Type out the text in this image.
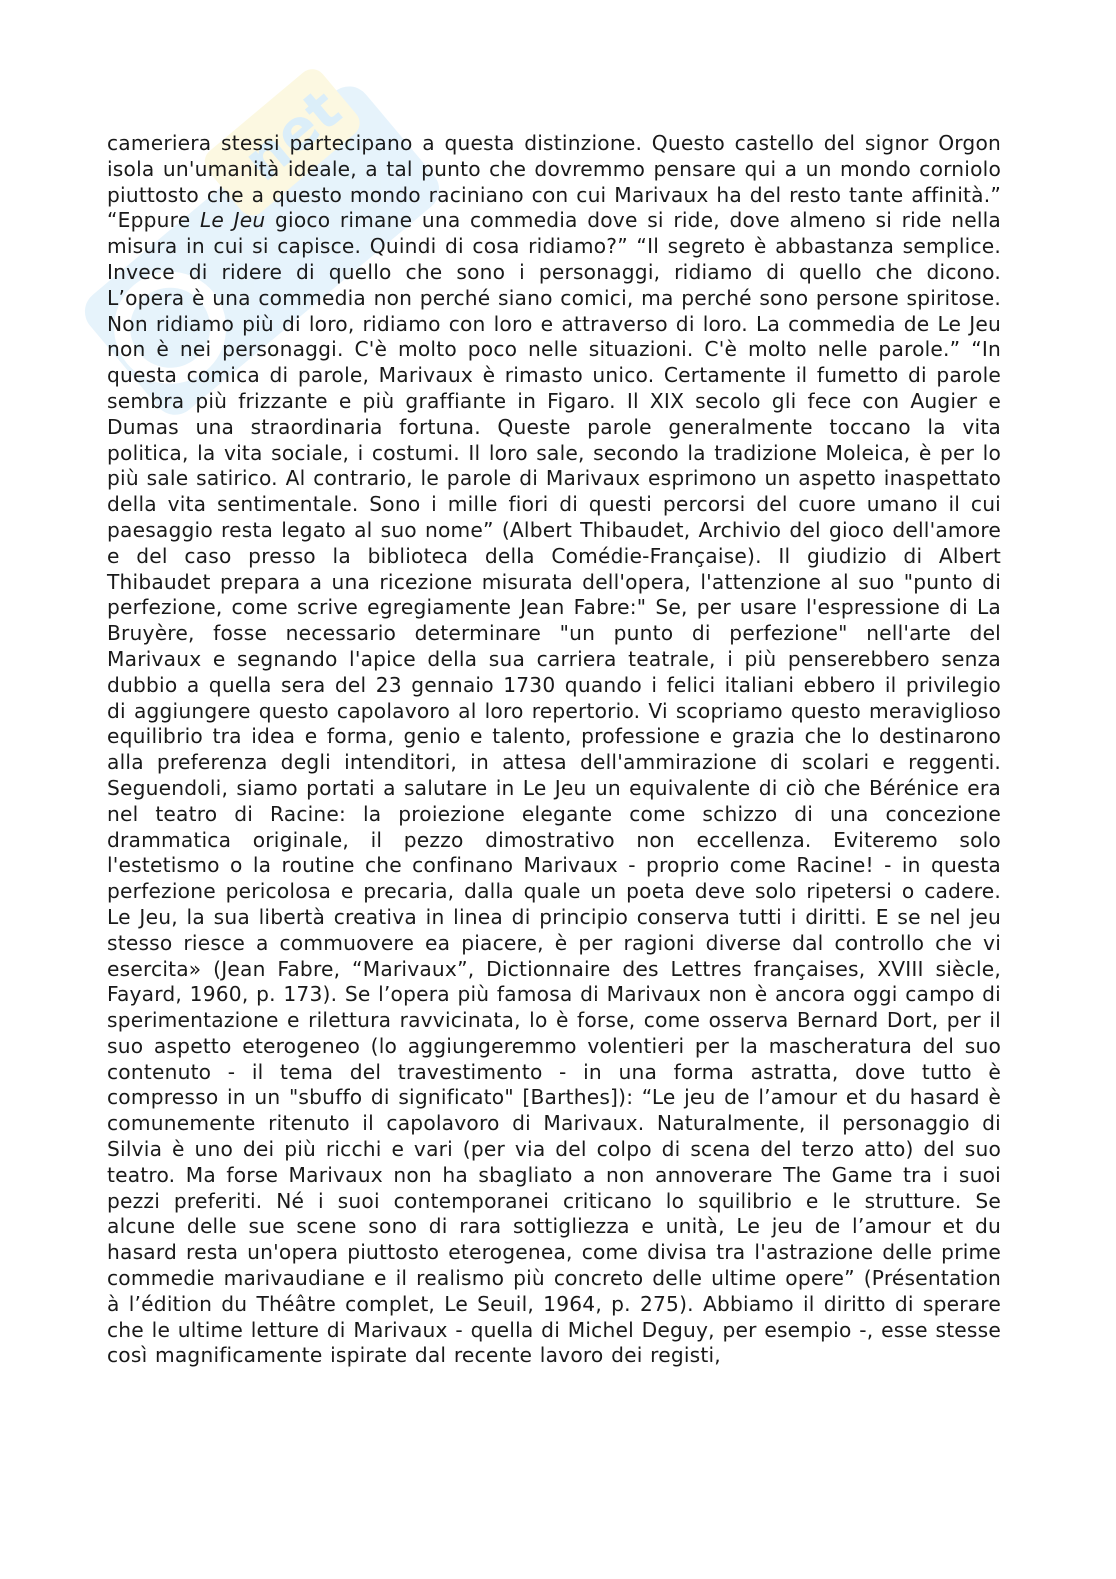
net

cameriera stessi partecipano a questa distinzione. Questo castello del signor Orgon isola un'umanità ideale, a tal punto che dovremmo pensare qui a un mondo corniolo piuttosto che a questo mondo raciniano con cui Marivaux ha del resto tante affinità.” “Eppure Le Jeu gioco rimane una commedia dove si ride, dove almeno si ride nella misura in cui si capisce. Quindi di cosa ridiamo?” “Il segreto è abbastanza semplice. Invece di ridere di quello che sono i personaggi, ridiamo di quello che dicono. L’opera è una commedia non perché siano comici, ma perché sono persone spiritose. Non ridiamo più di loro, ridiamo con loro e attraverso di loro. La commedia de Le Jeu non è nei personaggi. C'è molto poco nelle situazioni. C'è molto nelle parole.” “In questa comica di parole, Marivaux è rimasto unico. Certamente il fumetto di parole sembra più frizzante e più graffiante in Figaro. Il XIX secolo gli fece con Augier e Dumas una straordinaria fortuna. Queste parole generalmente toccano la vita politica, la vita sociale, i costumi. Il loro sale, secondo la tradizione Moleica, è per lo più sale satirico. Al contrario, le parole di Marivaux esprimono un aspetto inaspettato della vita sentimentale. Sono i mille fiori di questi percorsi del cuore umano il cui paesaggio resta legato al suo nome” (Albert Thibaudet, Archivio del gioco dell'amore e del caso presso la biblioteca della Comédie-Française). Il giudizio di Albert Thibaudet prepara a una ricezione misurata dell'opera, l'attenzione al suo "punto di perfezione, come scrive egregiamente Jean Fabre:" Se, per usare l'espressione di La Bruyère, fosse necessario determinare "un punto di perfezione" nell'arte del Marivaux e segnando l'apice della sua carriera teatrale, i più penserebbero senza dubbio a quella sera del 23 gennaio 1730 quando i felici italiani ebbero il privilegio di aggiungere questo capolavoro al loro repertorio. Vi scopriamo questo meraviglioso equilibrio tra idea e forma, genio e talento, professione e grazia che lo destinarono alla preferenza degli intenditori, in attesa dell'ammirazione di scolari e reggenti. Seguendoli, siamo portati a salutare in Le Jeu un equivalente di ciò che Bérénice era nel teatro di Racine: la proiezione elegante come schizzo di una concezione drammatica originale, il pezzo dimostrativo non eccellenza. Eviteremo solo l'estetismo o la routine che confinano Marivaux - proprio come Racine! - in questa perfezione pericolosa e precaria, dalla quale un poeta deve solo ripetersi o cadere. Le Jeu, la sua libertà creativa in linea di principio conserva tutti i diritti. E se nel jeu stesso riesce a commuovere ea piacere, è per ragioni diverse dal controllo che vi esercita» (Jean Fabre, “Marivaux”, Dictionnaire des Lettres françaises, XVIII siècle, Fayard, 1960, p. 173). Se l’opera più famosa di Marivaux non è ancora oggi campo di sperimentazione e rilettura ravvicinata, lo è forse, come osserva Bernard Dort, per il suo aspetto eterogeneo (lo aggiungeremmo volentieri per la mascheratura del suo contenuto - il tema del travestimento - in una forma astratta, dove tutto è compresso in un "sbuffo di significato" [Barthes]): “Le jeu de l’amour et du hasard è comunemente ritenuto il capolavoro di Marivaux. Naturalmente, il personaggio di Silvia è uno dei più ricchi e vari (per via del colpo di scena del terzo atto) del suo teatro. Ma forse Marivaux non ha sbagliato a non annoverare The Game tra i suoi pezzi preferiti. Né i suoi contemporanei criticano lo squilibrio e le strutture. Se alcune delle sue scene sono di rara sottigliezza e unità, Le jeu de l’amour et du hasard resta un'opera piuttosto eterogenea, come divisa tra l'astrazione delle prime commedie marivaudiane e il realismo più concreto delle ultime opere” (Présentation à l’édition du Théâtre complet, Le Seuil, 1964, p. 275). Abbiamo il diritto di sperare che le ultime letture di Marivaux - quella di Michel Deguy, per esempio -, esse stesse così magnificamente ispirate dal recente lavoro dei registi,
